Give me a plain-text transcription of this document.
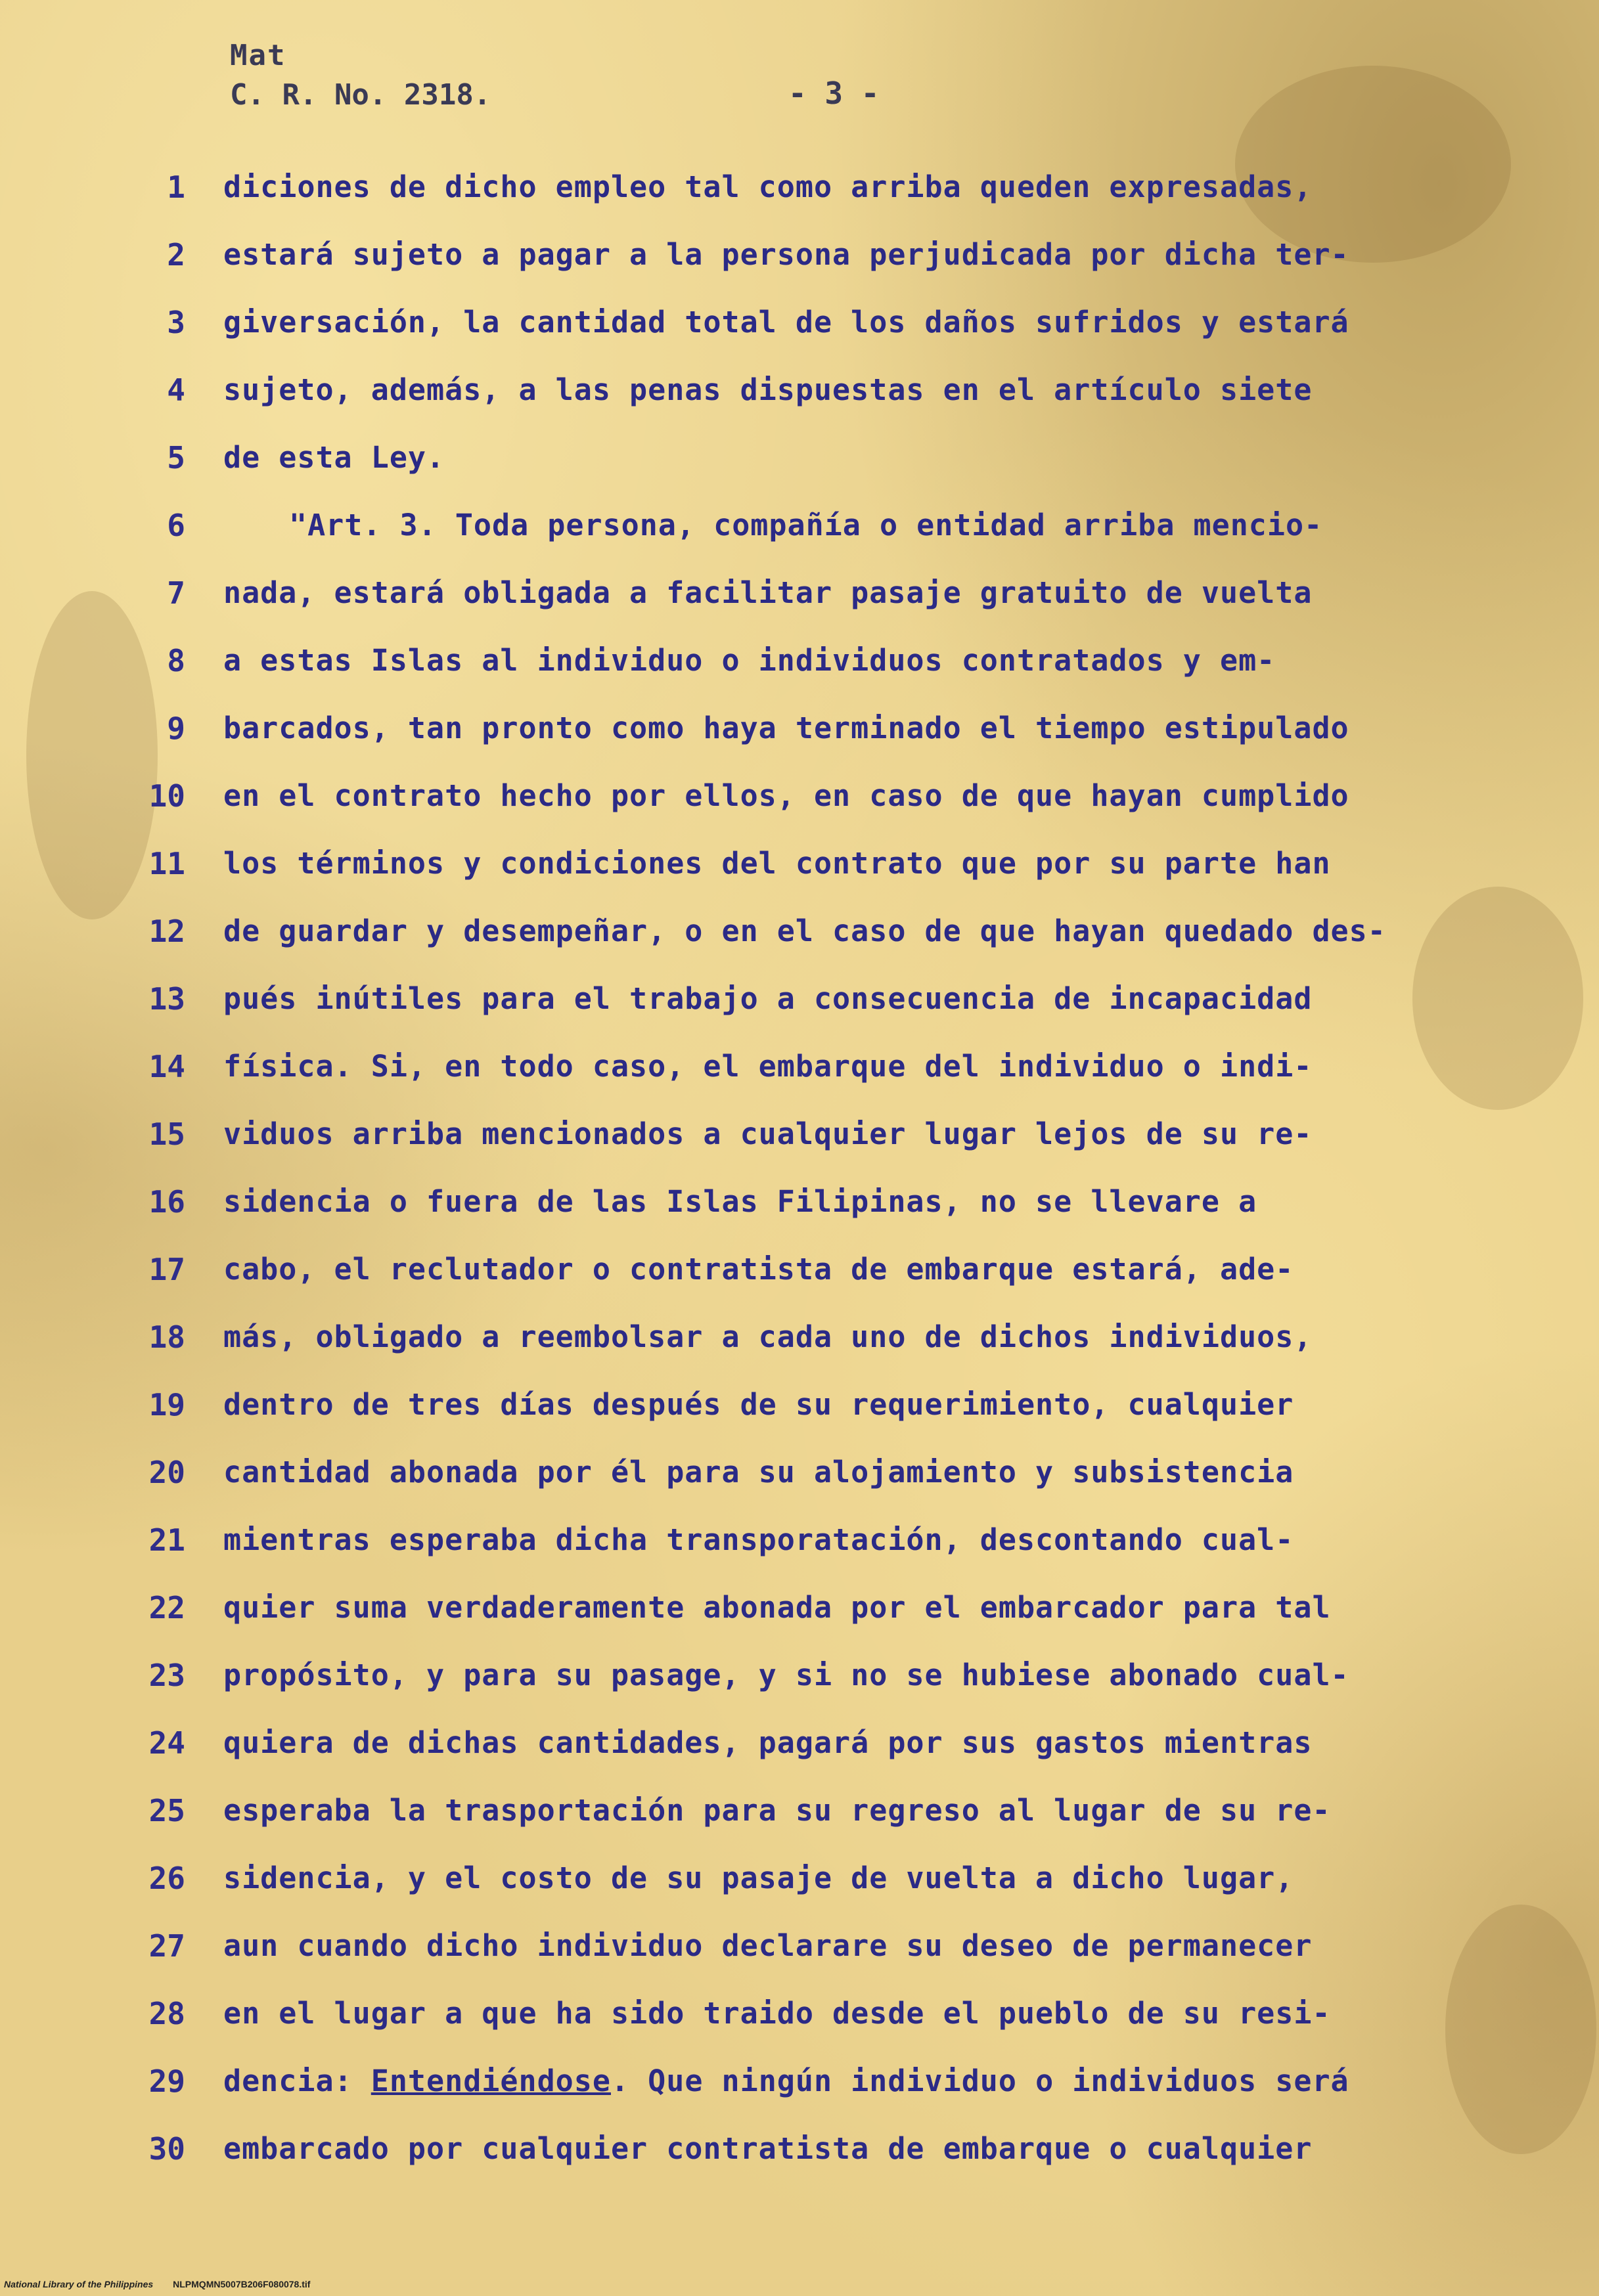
Mat
C. R. No. 2318.	- 3 -
1 diciones de dicho empleo tal como arriba queden expresadas,
2 estará sujeto a pagar a la persona perjudicada por dicha ter-
3 giversación, la cantidad total de los daños sufridos y estará
4 sujeto, además, a las penas dispuestas en el artículo siete
5 de esta Ley.
6	"Art. 3. Toda persona, compañía o entidad arriba mencio-
7 nada, estará obligada a facilitar pasaje gratuito de vuelta
8 a estas Islas al individuo o individuos contratados y em-
9 barcados, tan pronto como haya terminado el tiempo estipulado
10 en el contrato hecho por ellos, en caso de que hayan cumplido
11 los términos y condiciones del contrato que por su parte han
12 de guardar y desempeñar, o en el caso de que hayan quedado des-
13 pués inútiles para el trabajo a consecuencia de incapacidad
14 física. Si, en todo caso, el embarque del individuo o indi-
15 viduos arriba mencionados a cualquier lugar lejos de su re-
16 sidencia o fuera de las Islas Filipinas, no se llevare a
17 cabo, el reclutador o contratista de embarque estará, ade-
18 más, obligado a reembolsar a cada uno de dichos individuos,
19 dentro de tres días después de su requerimiento, cualquier
20 cantidad abonada por él para su alojamiento y subsistencia
21 mientras esperaba dicha transporatación, descontando cual-
22 quier suma verdaderamente abonada por el embarcador para tal
23 propósito, y para su pasage, y si no se hubiese abonado cual-
24 quiera de dichas cantidades, pagará por sus gastos mientras
25 esperaba la trasportación para su regreso al lugar de su re-
26 sidencia, y el costo de su pasaje de vuelta a dicho lugar,
27 aun cuando dicho individuo declarare su deseo de permanecer
28 en el lugar a que ha sido traido desde el pueblo de su resi-
29 dencia: Entendiéndose. Que ningún individuo o individuos será
30 embarcado por cualquier contratista de embarque o cualquier
National Library of the Philippines NLPMQMN5007B206F080078.tif
